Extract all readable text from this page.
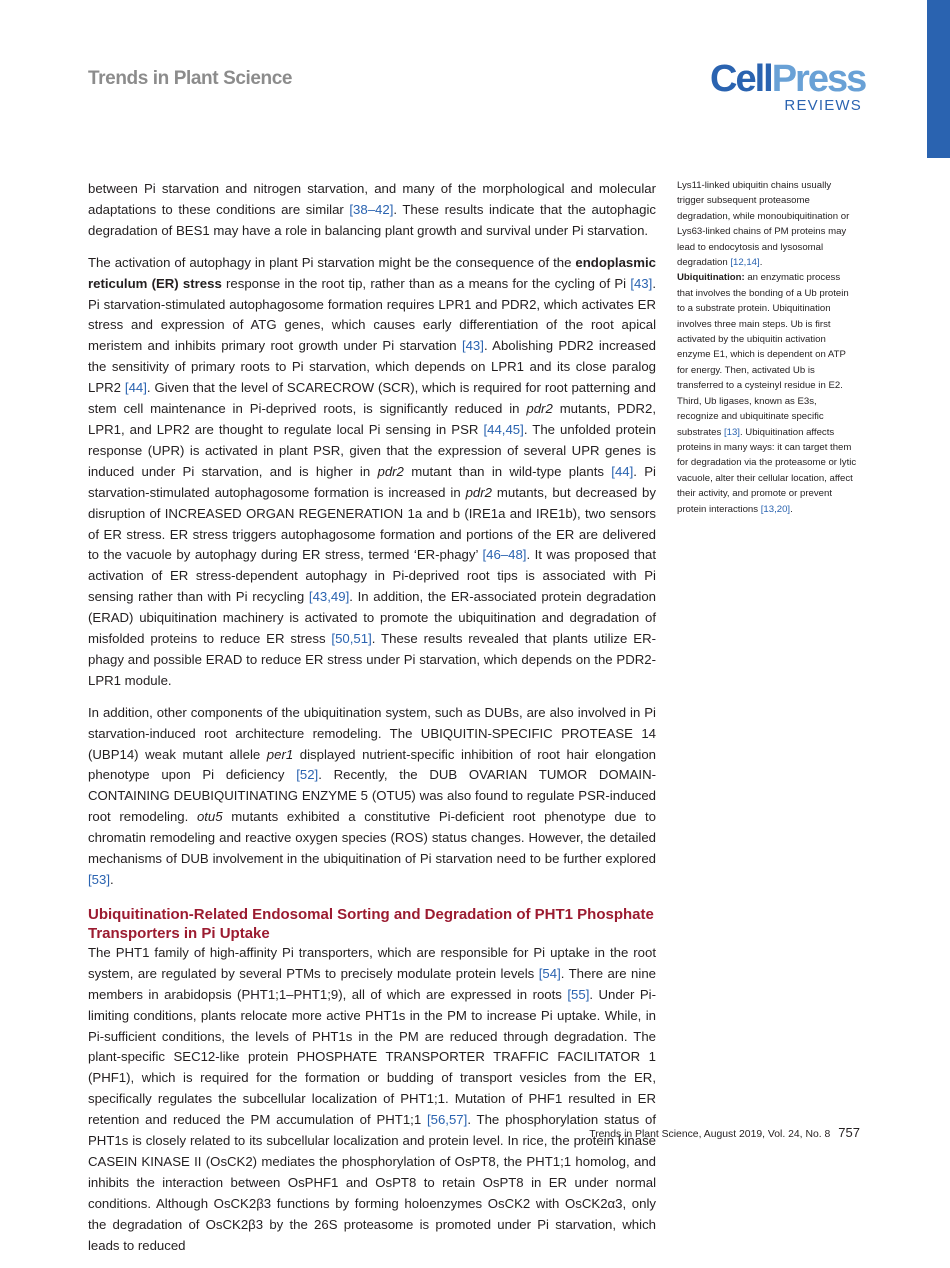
Trends in Plant Science	CellPress
REVIEWS

between Pi starvation and nitrogen starvation, and many of the morphological and molecular adaptations to these conditions are similar [38–42]. These results indicate that the autophagic degradation of BES1 may have a role in balancing plant growth and survival under Pi starvation.

The activation of autophagy in plant Pi starvation might be the consequence of the endoplasmic reticulum (ER) stress response in the root tip, rather than as a means for the cycling of Pi [43]. Pi starvation-stimulated autophagosome formation requires LPR1 and PDR2, which activates ER stress and expression of ATG genes, which causes early differentiation of the root apical meristem and inhibits primary root growth under Pi starvation [43]. Abolishing PDR2 increased the sensitivity of primary roots to Pi starvation, which depends on LPR1 and its close paralog LPR2 [44]. Given that the level of SCARECROW (SCR), which is required for root patterning and stem cell maintenance in Pi-deprived roots, is significantly reduced in pdr2 mutants, PDR2, LPR1, and LPR2 are thought to regulate local Pi sensing in PSR [44,45]. The unfolded protein response (UPR) is activated in plant PSR, given that the expression of several UPR genes is induced under Pi starvation, and is higher in pdr2 mutant than in wild-type plants [44]. Pi starvation-stimulated autophagosome formation is increased in pdr2 mutants, but decreased by disruption of INCREASED ORGAN REGENERATION 1a and b (IRE1a and IRE1b), two sensors of ER stress. ER stress triggers autophagosome formation and portions of the ER are delivered to the vacuole by autophagy during ER stress, termed ‘ER-phagy’ [46–48]. It was proposed that activation of ER stress-dependent autophagy in Pi-deprived root tips is associated with Pi sensing rather than with Pi recycling [43,49]. In addition, the ER-associated protein degradation (ERAD) ubiquitination machinery is activated to promote the ubiquitination and degradation of misfolded proteins to reduce ER stress [50,51]. These results revealed that plants utilize ER-phagy and possible ERAD to reduce ER stress under Pi starvation, which depends on the PDR2-LPR1 module.

In addition, other components of the ubiquitination system, such as DUBs, are also involved in Pi starvation-induced root architecture remodeling. The UBIQUITIN-SPECIFIC PROTEASE 14 (UBP14) weak mutant allele per1 displayed nutrient-specific inhibition of root hair elongation phenotype upon Pi deficiency [52]. Recently, the DUB OVARIAN TUMOR DOMAIN-CONTAINING DEUBIQUITINATING ENZYME 5 (OTU5) was also found to regulate PSR-induced root remodeling. otu5 mutants exhibited a constitutive Pi-deficient root phenotype due to chromatin remodeling and reactive oxygen species (ROS) status changes. However, the detailed mechanisms of DUB involvement in the ubiquitination of Pi starvation need to be further explored [53].

Ubiquitination-Related Endosomal Sorting and Degradation of PHT1 Phosphate Transporters in Pi Uptake

The PHT1 family of high-affinity Pi transporters, which are responsible for Pi uptake in the root system, are regulated by several PTMs to precisely modulate protein levels [54]. There are nine members in arabidopsis (PHT1;1–PHT1;9), all of which are expressed in roots [55]. Under Pi-limiting conditions, plants relocate more active PHT1s in the PM to increase Pi uptake. While, in Pi-sufficient conditions, the levels of PHT1s in the PM are reduced through degradation. The plant-specific SEC12-like protein PHOSPHATE TRANSPORTER TRAFFIC FACILITATOR 1 (PHF1), which is required for the formation or budding of transport vesicles from the ER, specifically regulates the subcellular localization of PHT1;1. Mutation of PHF1 resulted in ER retention and reduced the PM accumulation of PHT1;1 [56,57]. The phosphorylation status of PHT1s is closely related to its subcellular localization and protein level. In rice, the protein kinase CASEIN KINASE II (OsCK2) mediates the phosphorylation of OsPT8, the PHT1;1 homolog, and inhibits the interaction between OsPHF1 and OsPT8 to retain OsPT8 in ER under normal conditions. Although OsCK2β3 functions by forming holoenzymes OsCK2 with OsCK2α3, only the degradation of OsCK2β3 by the 26S proteasome is promoted under Pi starvation, which leads to reduced

Lys11-linked ubiquitin chains usually trigger subsequent proteasome degradation, while monoubiquitination or Lys63-linked chains of PM proteins may lead to endocytosis and lysosomal degradation [12,14].

Ubiquitination: an enzymatic process that involves the bonding of a Ub protein to a substrate protein. Ubiquitination involves three main steps. Ub is first activated by the ubiquitin activation enzyme E1, which is dependent on ATP for energy. Then, activated Ub is transferred to a cysteinyl residue in E2. Third, Ub ligases, known as E3s, recognize and ubiquitinate specific substrates [13]. Ubiquitination affects proteins in many ways: it can target them for degradation via the proteasome or lytic vacuole, alter their cellular location, affect their activity, and promote or prevent protein interactions [13,20].

Trends in Plant Science, August 2019, Vol. 24, No. 8 757
